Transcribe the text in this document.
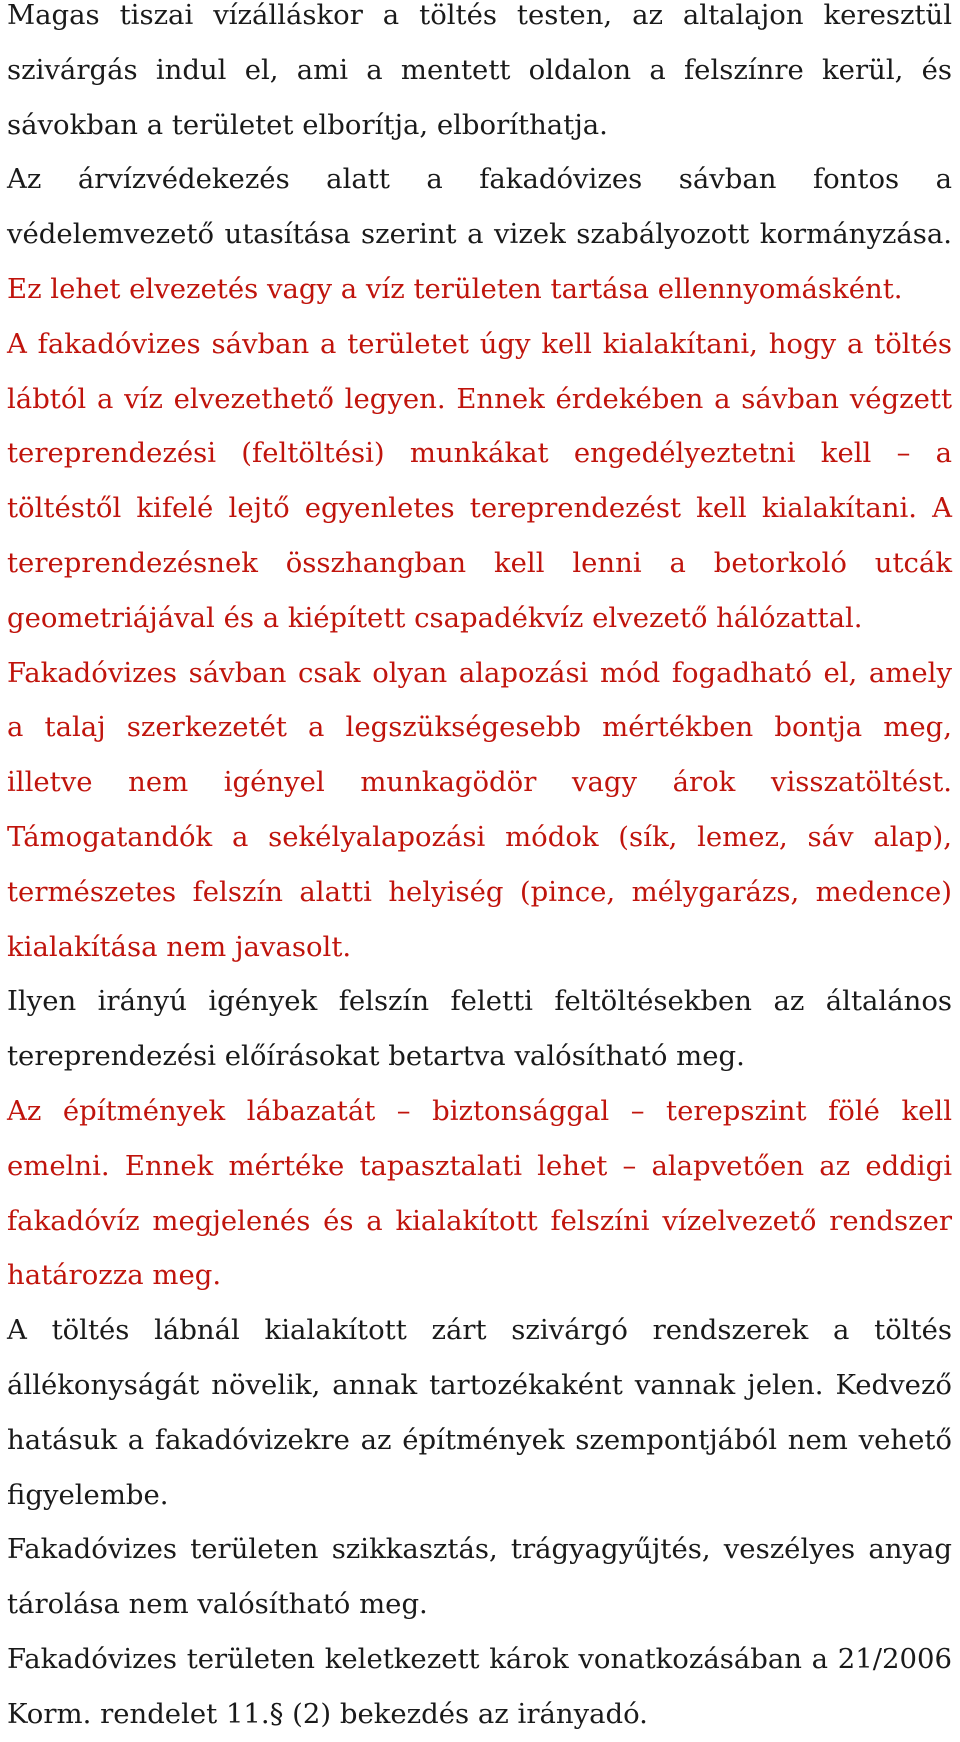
Magas tiszai vízálláskor a töltés testen, az altalajon keresztül szivárgás indul el, ami a mentett oldalon a felszínre kerül, és sávokban a területet elborítja, elboríthatja.

Az árvízvédekezés alatt a fakadóvizes sávban fontos a védelemvezető utasítása szerint a vizek szabályozott kormányzása. Ez lehet elvezetés vagy a víz területen tartása ellennyomásként.

A fakadóvizes sávban a területet úgy kell kialakítani, hogy a töltés lábtól a víz elvezethető legyen. Ennek érdekében a sávban végzett tereprendezési (feltöltési) munkákat engedélyeztetni kell – a töltéstől kifelé lejtő egyenletes tereprendezést kell kialakítani. A tereprendezésnek összhangban kell lenni a betorkoló utcák geometriájával és a kiépített csapadékvíz elvezető hálózattal.

Fakadóvizes sávban csak olyan alapozási mód fogadható el, amely a talaj szerkezetét a legszükségesebb mértékben bontja meg, illetve nem igényel munkagödör vagy árok visszatöltést. Támogatandók a sekélyalapozási módok (sík, lemez, sáv alap), természetes felszín alatti helyiség (pince, mélygarázs, medence) kialakítása nem javasolt.

Ilyen irányú igények felszín feletti feltöltésekben az általános tereprendezési előírásokat betartva valósítható meg.

Az építmények lábazatát – biztonsággal – terepszint fölé kell emelni. Ennek mértéke tapasztalati lehet – alapvetően az eddigi fakadóvíz megjelenés és a kialakított felszíni vízelvezető rendszer határozza meg.

A töltés lábnál kialakított zárt szivárgó rendszerek a töltés állékonyságát növelik, annak tartozékaként vannak jelen. Kedvező hatásuk a fakadóvizekre az építmények szempontjából nem vehető figyelembe.

Fakadóvizes területen szikkasztás, trágyagyűjtés, veszélyes anyag tárolása nem valósítható meg.

Fakadóvizes területen keletkezett károk vonatkozásában a 21/2006 Korm. rendelet 11.§ (2) bekezdés az irányadó.
